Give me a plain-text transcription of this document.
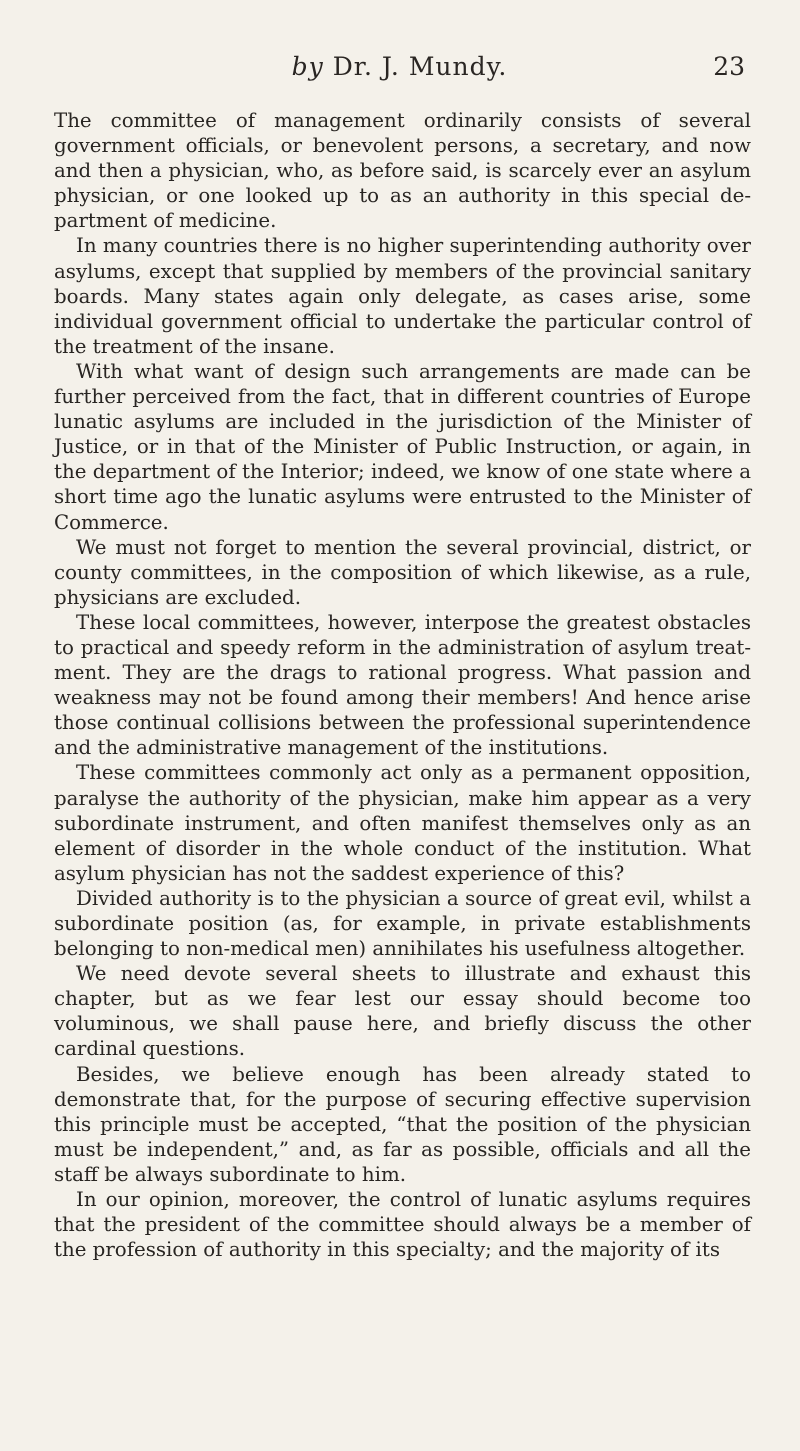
by Dr. J. Mundy.	23

The committee of management ordinarily consists of several government officials, or benevolent persons, a secretary, and now and then a physician, who, as before said, is scarcely ever an asylum physician, or one looked up to as an authority in this special department of medicine.

In many countries there is no higher superintending authority over asylums, except that supplied by members of the provincial sanitary boards. Many states again only delegate, as cases arise, some individual government official to undertake the particular control of the treatment of the insane.

With what want of design such arrangements are made can be further perceived from the fact, that in different countries of Europe lunatic asylums are included in the jurisdiction of the Minister of Justice, or in that of the Minister of Public Instruction, or again, in the department of the Interior; indeed, we know of one state where a short time ago the lunatic asylums were entrusted to the Minister of Commerce.

We must not forget to mention the several provincial, district, or county committees, in the composition of which likewise, as a rule, physicians are excluded.

These local committees, however, interpose the greatest obstacles to practical and speedy reform in the administration of asylum treatment. They are the drags to rational progress. What passion and weakness may not be found among their members! And hence arise those continual collisions between the professional superintendence and the administrative management of the institutions.

These committees commonly act only as a permanent opposition, paralyse the authority of the physician, make him appear as a very subordinate instrument, and often manifest themselves only as an element of disorder in the whole conduct of the institution. What asylum physician has not the saddest experience of this?

Divided authority is to the physician a source of great evil, whilst a subordinate position (as, for example, in private establishments belonging to non-medical men) annihilates his usefulness altogether.

We need devote several sheets to illustrate and exhaust this chapter, but as we fear lest our essay should become too voluminous, we shall pause here, and briefly discuss the other cardinal questions.

Besides, we believe enough has been already stated to demonstrate that, for the purpose of securing effective supervision this principle must be accepted, “that the position of the physician must be independent,” and, as far as possible, officials and all the staff be always subordinate to him.

In our opinion, moreover, the control of lunatic asylums requires that the president of the committee should always be a member of the profession of authority in this specialty; and the majority of its
